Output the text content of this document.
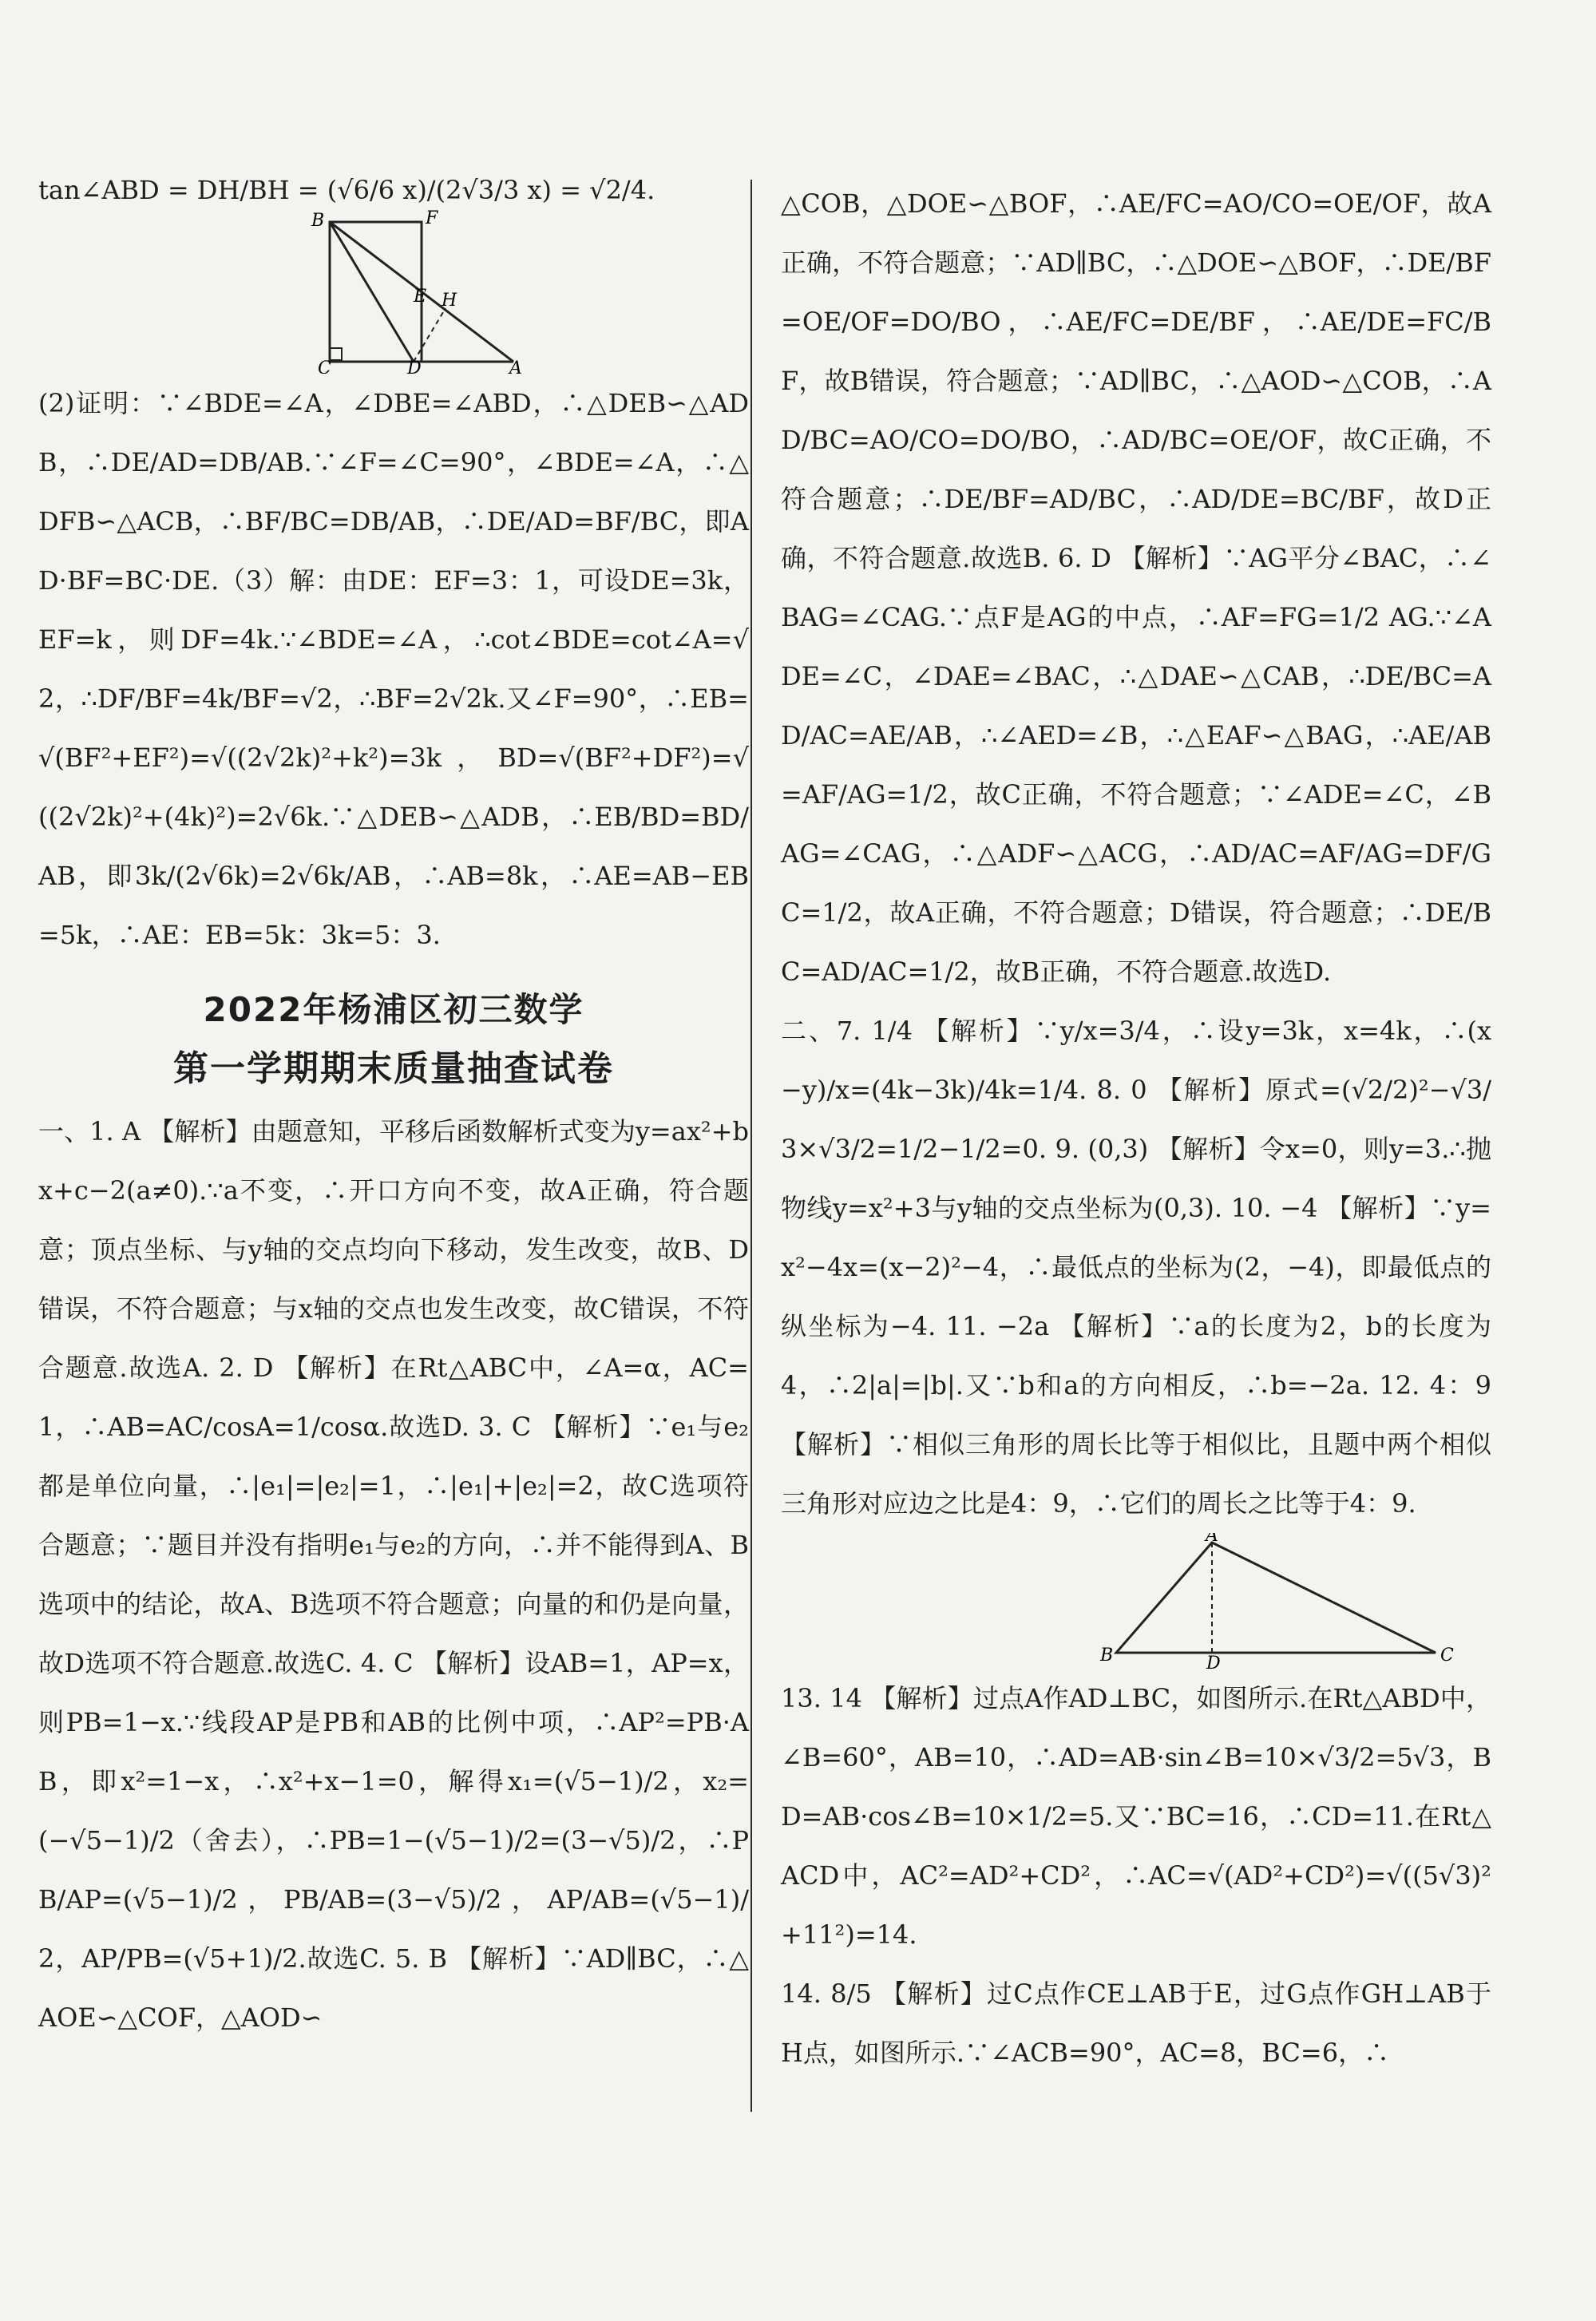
tan∠ABD = DH/BH = (√6/6 x)/(2√3/3 x) = √2/4.

B	F
E H
C	D	A

(2)证明：∵∠BDE=∠A，∠DBE=∠ABD，∴△DEB∽△ADB，∴DE/AD=DB/AB.∵∠F=∠C=90°，∠BDE=∠A，∴△DFB∽△ACB，∴BF/BC=DB/AB，∴DE/AD=BF/BC，即AD·BF=BC·DE.（3）解：由DE：EF=3：1，可设DE=3k，EF=k，则DF=4k.∵∠BDE=∠A，∴cot∠BDE=cot∠A=√2，∴DF/BF=4k/BF=√2，∴BF=2√2k.又∠F=90°，∴EB=√(BF²+EF²)=√((2√2k)²+k²)=3k，BD=√(BF²+DF²)=√((2√2k)²+(4k)²)=2√6k.∵△DEB∽△ADB，∴EB/BD=BD/AB，即3k/(2√6k)=2√6k/AB，∴AB=8k，∴AE=AB−EB=5k，∴AE：EB=5k：3k=5：3.

2022年杨浦区初三数学
第一学期期末质量抽查试卷

一、1. A 【解析】由题意知，平移后函数解析式变为y=ax²+bx+c−2(a≠0).∵a不变，∴开口方向不变，故A正确，符合题意；顶点坐标、与y轴的交点均向下移动，发生改变，故B、D错误，不符合题意；与x轴的交点也发生改变，故C错误，不符合题意.故选A. 2. D 【解析】在Rt△ABC中，∠A=α，AC=1，∴AB=AC/cosA=1/cosα.故选D. 3. C 【解析】∵e₁与e₂都是单位向量，∴|e₁|=|e₂|=1，∴|e₁|+|e₂|=2，故C选项符合题意；∵题目并没有指明e₁与e₂的方向，∴并不能得到A、B选项中的结论，故A、B选项不符合题意；向量的和仍是向量，故D选项不符合题意.故选C. 4. C 【解析】设AB=1，AP=x，则PB=1−x.∵线段AP是PB和AB的比例中项，∴AP²=PB·AB，即x²=1−x，∴x²+x−1=0，解得x₁=(√5−1)/2，x₂=(−√5−1)/2（舍去），∴PB=1−(√5−1)/2=(3−√5)/2，∴PB/AP=(√5−1)/2，PB/AB=(3−√5)/2，AP/AB=(√5−1)/2，AP/PB=(√5+1)/2.故选C. 5. B 【解析】∵AD∥BC，∴△AOE∽△COF，△AOD∽

△COB，△DOE∽△BOF，∴AE/FC=AO/CO=OE/OF，故A正确，不符合题意；∵AD∥BC，∴△DOE∽△BOF，∴DE/BF=OE/OF=DO/BO，∴AE/FC=DE/BF，∴AE/DE=FC/BF，故B错误，符合题意；∵AD∥BC，∴△AOD∽△COB，∴AD/BC=AO/CO=DO/BO，∴AD/BC=OE/OF，故C正确，不符合题意；∴DE/BF=AD/BC，∴AD/DE=BC/BF，故D正确，不符合题意.故选B. 6. D 【解析】∵AG平分∠BAC，∴∠BAG=∠CAG.∵点F是AG的中点，∴AF=FG=1/2 AG.∵∠ADE=∠C，∠DAE=∠BAC，∴△DAE∽△CAB，∴DE/BC=AD/AC=AE/AB，∴∠AED=∠B，∴△EAF∽△BAG，∴AE/AB=AF/AG=1/2，故C正确，不符合题意；∵∠ADE=∠C，∠BAG=∠CAG，∴△ADF∽△ACG，∴AD/AC=AF/AG=DF/GC=1/2，故A正确，不符合题意；D错误，符合题意；∴DE/BC=AD/AC=1/2，故B正确，不符合题意.故选D.

二、7. 1/4 【解析】∵y/x=3/4，∴设y=3k，x=4k，∴(x−y)/x=(4k−3k)/4k=1/4. 8. 0 【解析】原式=(√2/2)²−√3/3×√3/2=1/2−1/2=0. 9. (0,3) 【解析】令x=0，则y=3.∴抛物线y=x²+3与y轴的交点坐标为(0,3). 10. −4 【解析】∵y=x²−4x=(x−2)²−4，∴最低点的坐标为(2，−4)，即最低点的纵坐标为−4. 11. −2a 【解析】∵a的长度为2，b的长度为4，∴2|a|=|b|.又∵b和a的方向相反，∴b=−2a. 12. 4：9 【解析】∵相似三角形的周长比等于相似比，且题中两个相似三角形对应边之比是4：9，∴它们的周长之比等于4：9.

A
B	D	C

13. 14 【解析】过点A作AD⊥BC，如图所示.在Rt△ABD中，∠B=60°，AB=10，∴AD=AB·sin∠B=10×√3/2=5√3，BD=AB·cos∠B=10×1/2=5.又∵BC=16，∴CD=11.在Rt△ACD中，AC²=AD²+CD²，∴AC=√(AD²+CD²)=√((5√3)²+11²)=14.

14. 8/5 【解析】过C点作CE⊥AB于E，过G点作GH⊥AB于H点，如图所示.∵∠ACB=90°，AC=8，BC=6，∴
